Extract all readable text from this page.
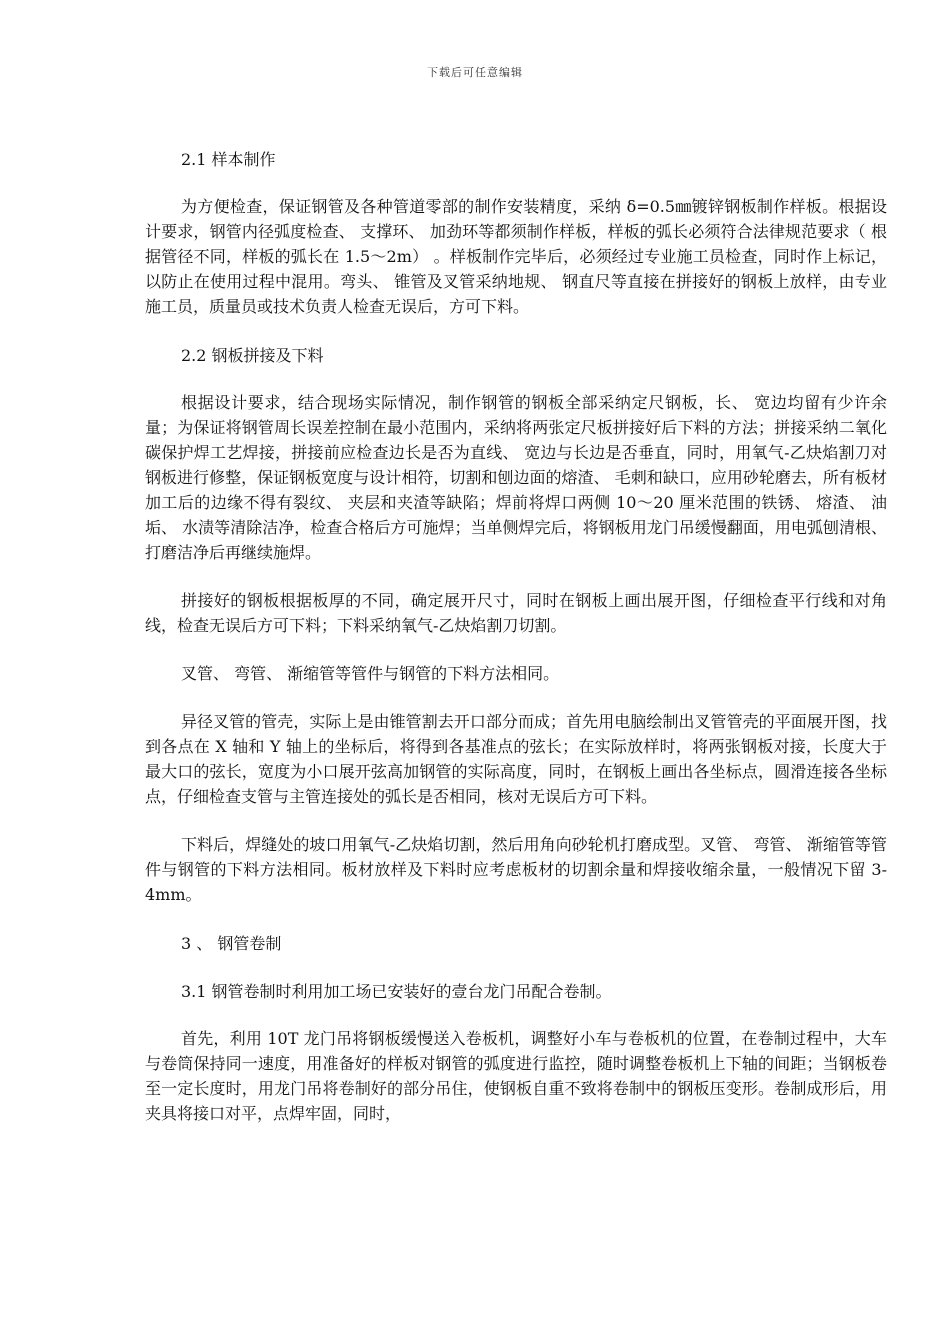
下载后可任意编辑

2.1 样本制作

为方便检查，保证钢管及各种管道零部的制作安装精度，采纳 δ=0.5㎜镀锌钢板制作样板。根据设计要求，钢管内径弧度检查、 支撑环、 加劲环等都须制作样板，样板的弧长必须符合法律规范要求（ 根据管径不同，样板的弧长在 1.5～2m） 。样板制作完毕后，必须经过专业施工员检查，同时作上标记，以防止在使用过程中混用。弯头、 锥管及叉管采纳地规、 钢直尺等直接在拼接好的钢板上放样，由专业施工员，质量员或技术负责人检查无误后，方可下料。

2.2 钢板拼接及下料

根据设计要求，结合现场实际情况，制作钢管的钢板全部采纳定尺钢板，长、 宽边均留有少许余量；为保证将钢管周长误差控制在最小范围内，采纳将两张定尺板拼接好后下料的方法；拼接采纳二氧化碳保护焊工艺焊接，拼接前应检查边长是否为直线、 宽边与长边是否垂直，同时，用氧气-乙炔焰割刀对钢板进行修整，保证钢板宽度与设计相符，切割和刨边面的熔渣、 毛刺和缺口，应用砂轮磨去，所有板材加工后的边缘不得有裂纹、 夹层和夹渣等缺陷；焊前将焊口两侧 10～20 厘米范围的铁锈、 熔渣、 油垢、 水渍等清除洁净，检查合格后方可施焊；当单侧焊完后，将钢板用龙门吊缓慢翻面，用电弧刨清根、 打磨洁净后再继续施焊。

拼接好的钢板根据板厚的不同，确定展开尺寸，同时在钢板上画出展开图，仔细检查平行线和对角线，检查无误后方可下料；下料采纳氧气-乙炔焰割刀切割。

叉管、 弯管、 渐缩管等管件与钢管的下料方法相同。

异径叉管的管壳，实际上是由锥管割去开口部分而成；首先用电脑绘制出叉管管壳的平面展开图，找到各点在 X 轴和 Y 轴上的坐标后，将得到各基准点的弦长；在实际放样时，将两张钢板对接，长度大于最大口的弦长，宽度为小口展开弦高加钢管的实际高度，同时，在钢板上画出各坐标点，圆滑连接各坐标点，仔细检查支管与主管连接处的弧长是否相同，核对无误后方可下料。

下料后，焊缝处的坡口用氧气-乙炔焰切割，然后用角向砂轮机打磨成型。叉管、 弯管、 渐缩管等管件与钢管的下料方法相同。板材放样及下料时应考虑板材的切割余量和焊接收缩余量，一般情况下留 3-4mm。

3 、 钢管卷制

3.1 钢管卷制时利用加工场已安装好的壹台龙门吊配合卷制。

首先，利用 10T 龙门吊将钢板缓慢送入卷板机，调整好小车与卷板机的位置，在卷制过程中，大车与卷筒保持同一速度，用准备好的样板对钢管的弧度进行监控，随时调整卷板机上下轴的间距；当钢板卷至一定长度时，用龙门吊将卷制好的部分吊住，使钢板自重不致将卷制中的钢板压变形。卷制成形后，用夹具将接口对平，点焊牢固，同时，
